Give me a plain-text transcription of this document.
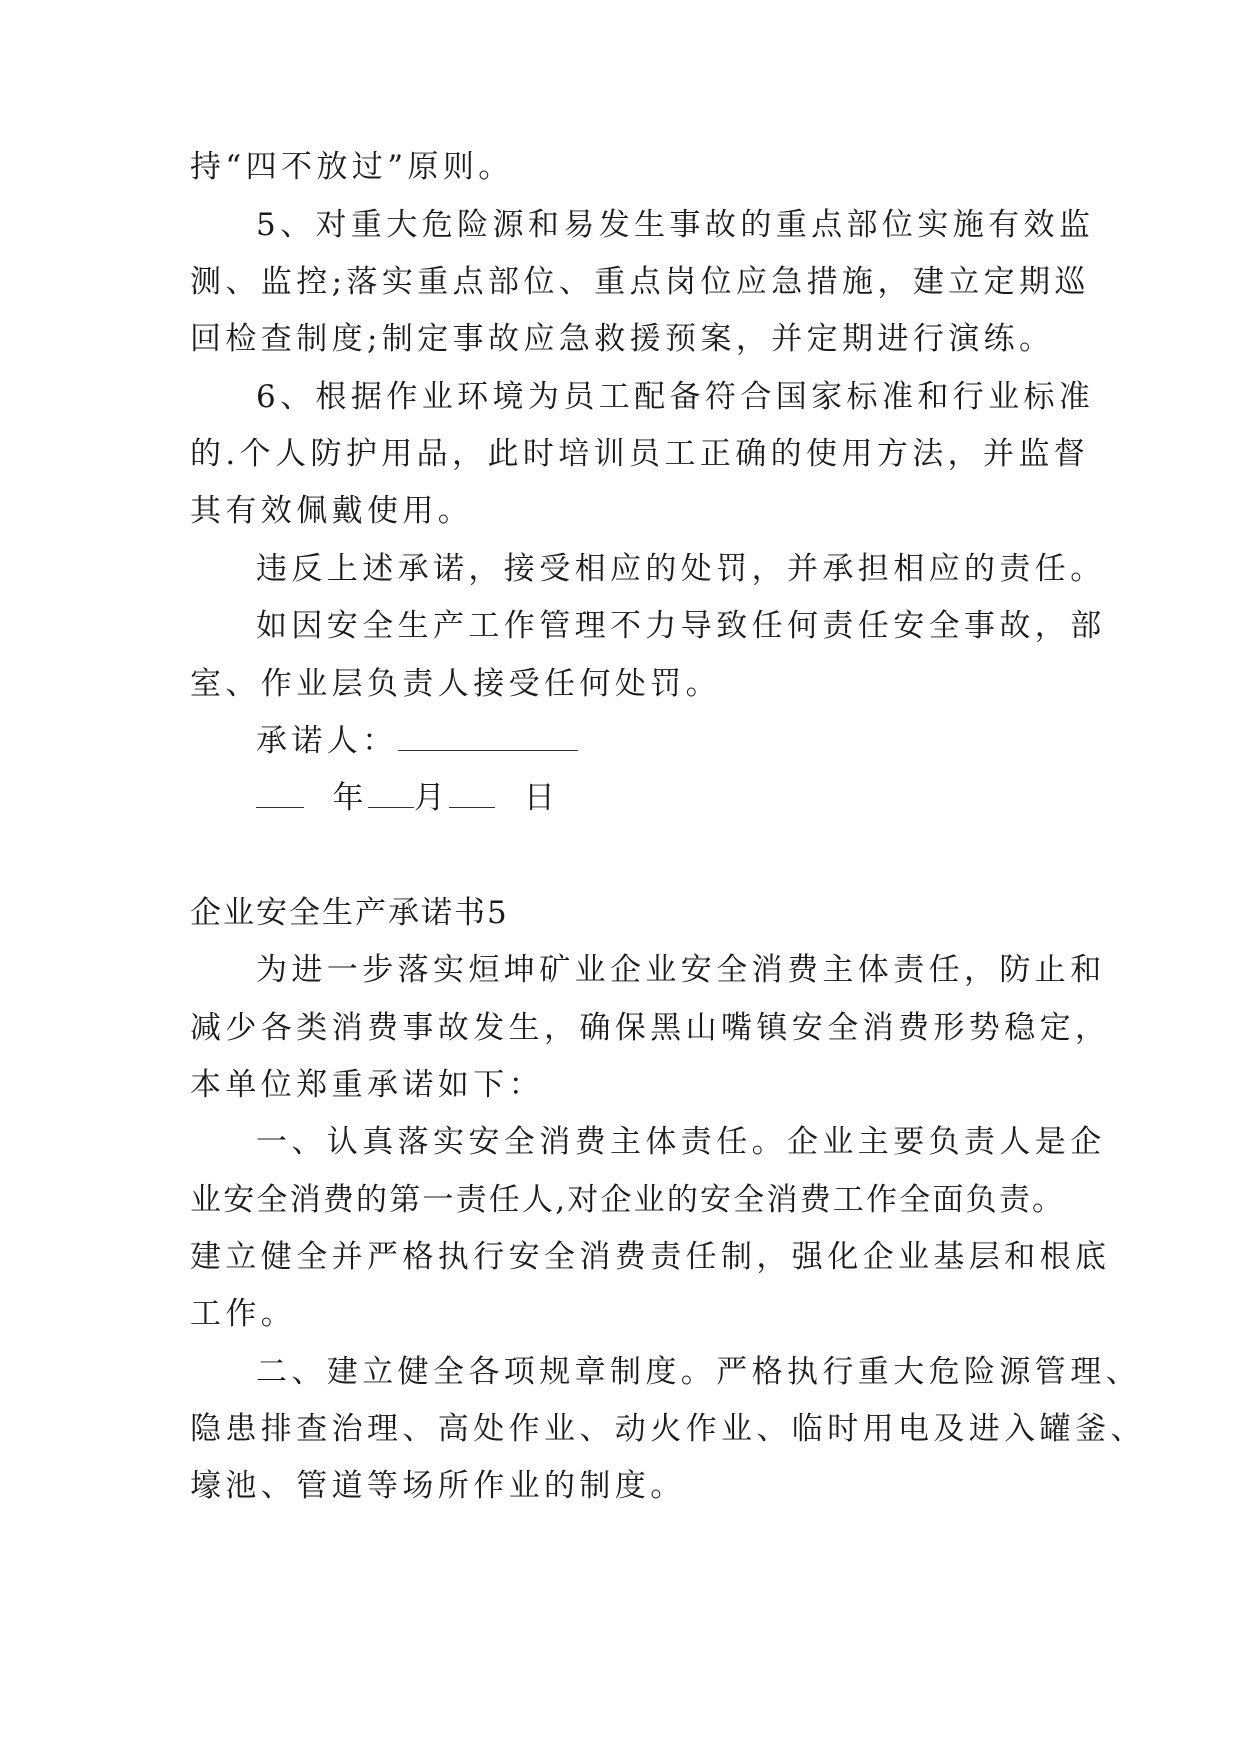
持“四不放过”原则。
5、对重大危险源和易发生事故的重点部位实施有效监
测、监控;落实重点部位、重点岗位应急措施，建立定期巡
回检查制度;制定事故应急救援预案，并定期进行演练。
6、根据作业环境为员工配备符合国家标准和行业标准
的.个人防护用品，此时培训员工正确的使用方法，并监督
其有效佩戴使用。
违反上述承诺，接受相应的处罚，并承担相应的责任。
如因安全生产工作管理不力导致任何责任安全事故，部
室、作业层负责人接受任何处罚。
承诺人：
年 月 日
企业安全生产承诺书5
为进一步落实烜坤矿业企业安全消费主体责任，防止和
减少各类消费事故发生，确保黑山嘴镇安全消费形势稳定，
本单位郑重承诺如下：
一、认真落实安全消费主体责任。企业主要负责人是企
业安全消费的第一责任人,对企业的安全消费工作全面负责。
建立健全并严格执行安全消费责任制，强化企业基层和根底
工作。
二、建立健全各项规章制度。严格执行重大危险源管理、
隐患排查治理、高处作业、动火作业、临时用电及进入罐釜、
壕池、管道等场所作业的制度。
